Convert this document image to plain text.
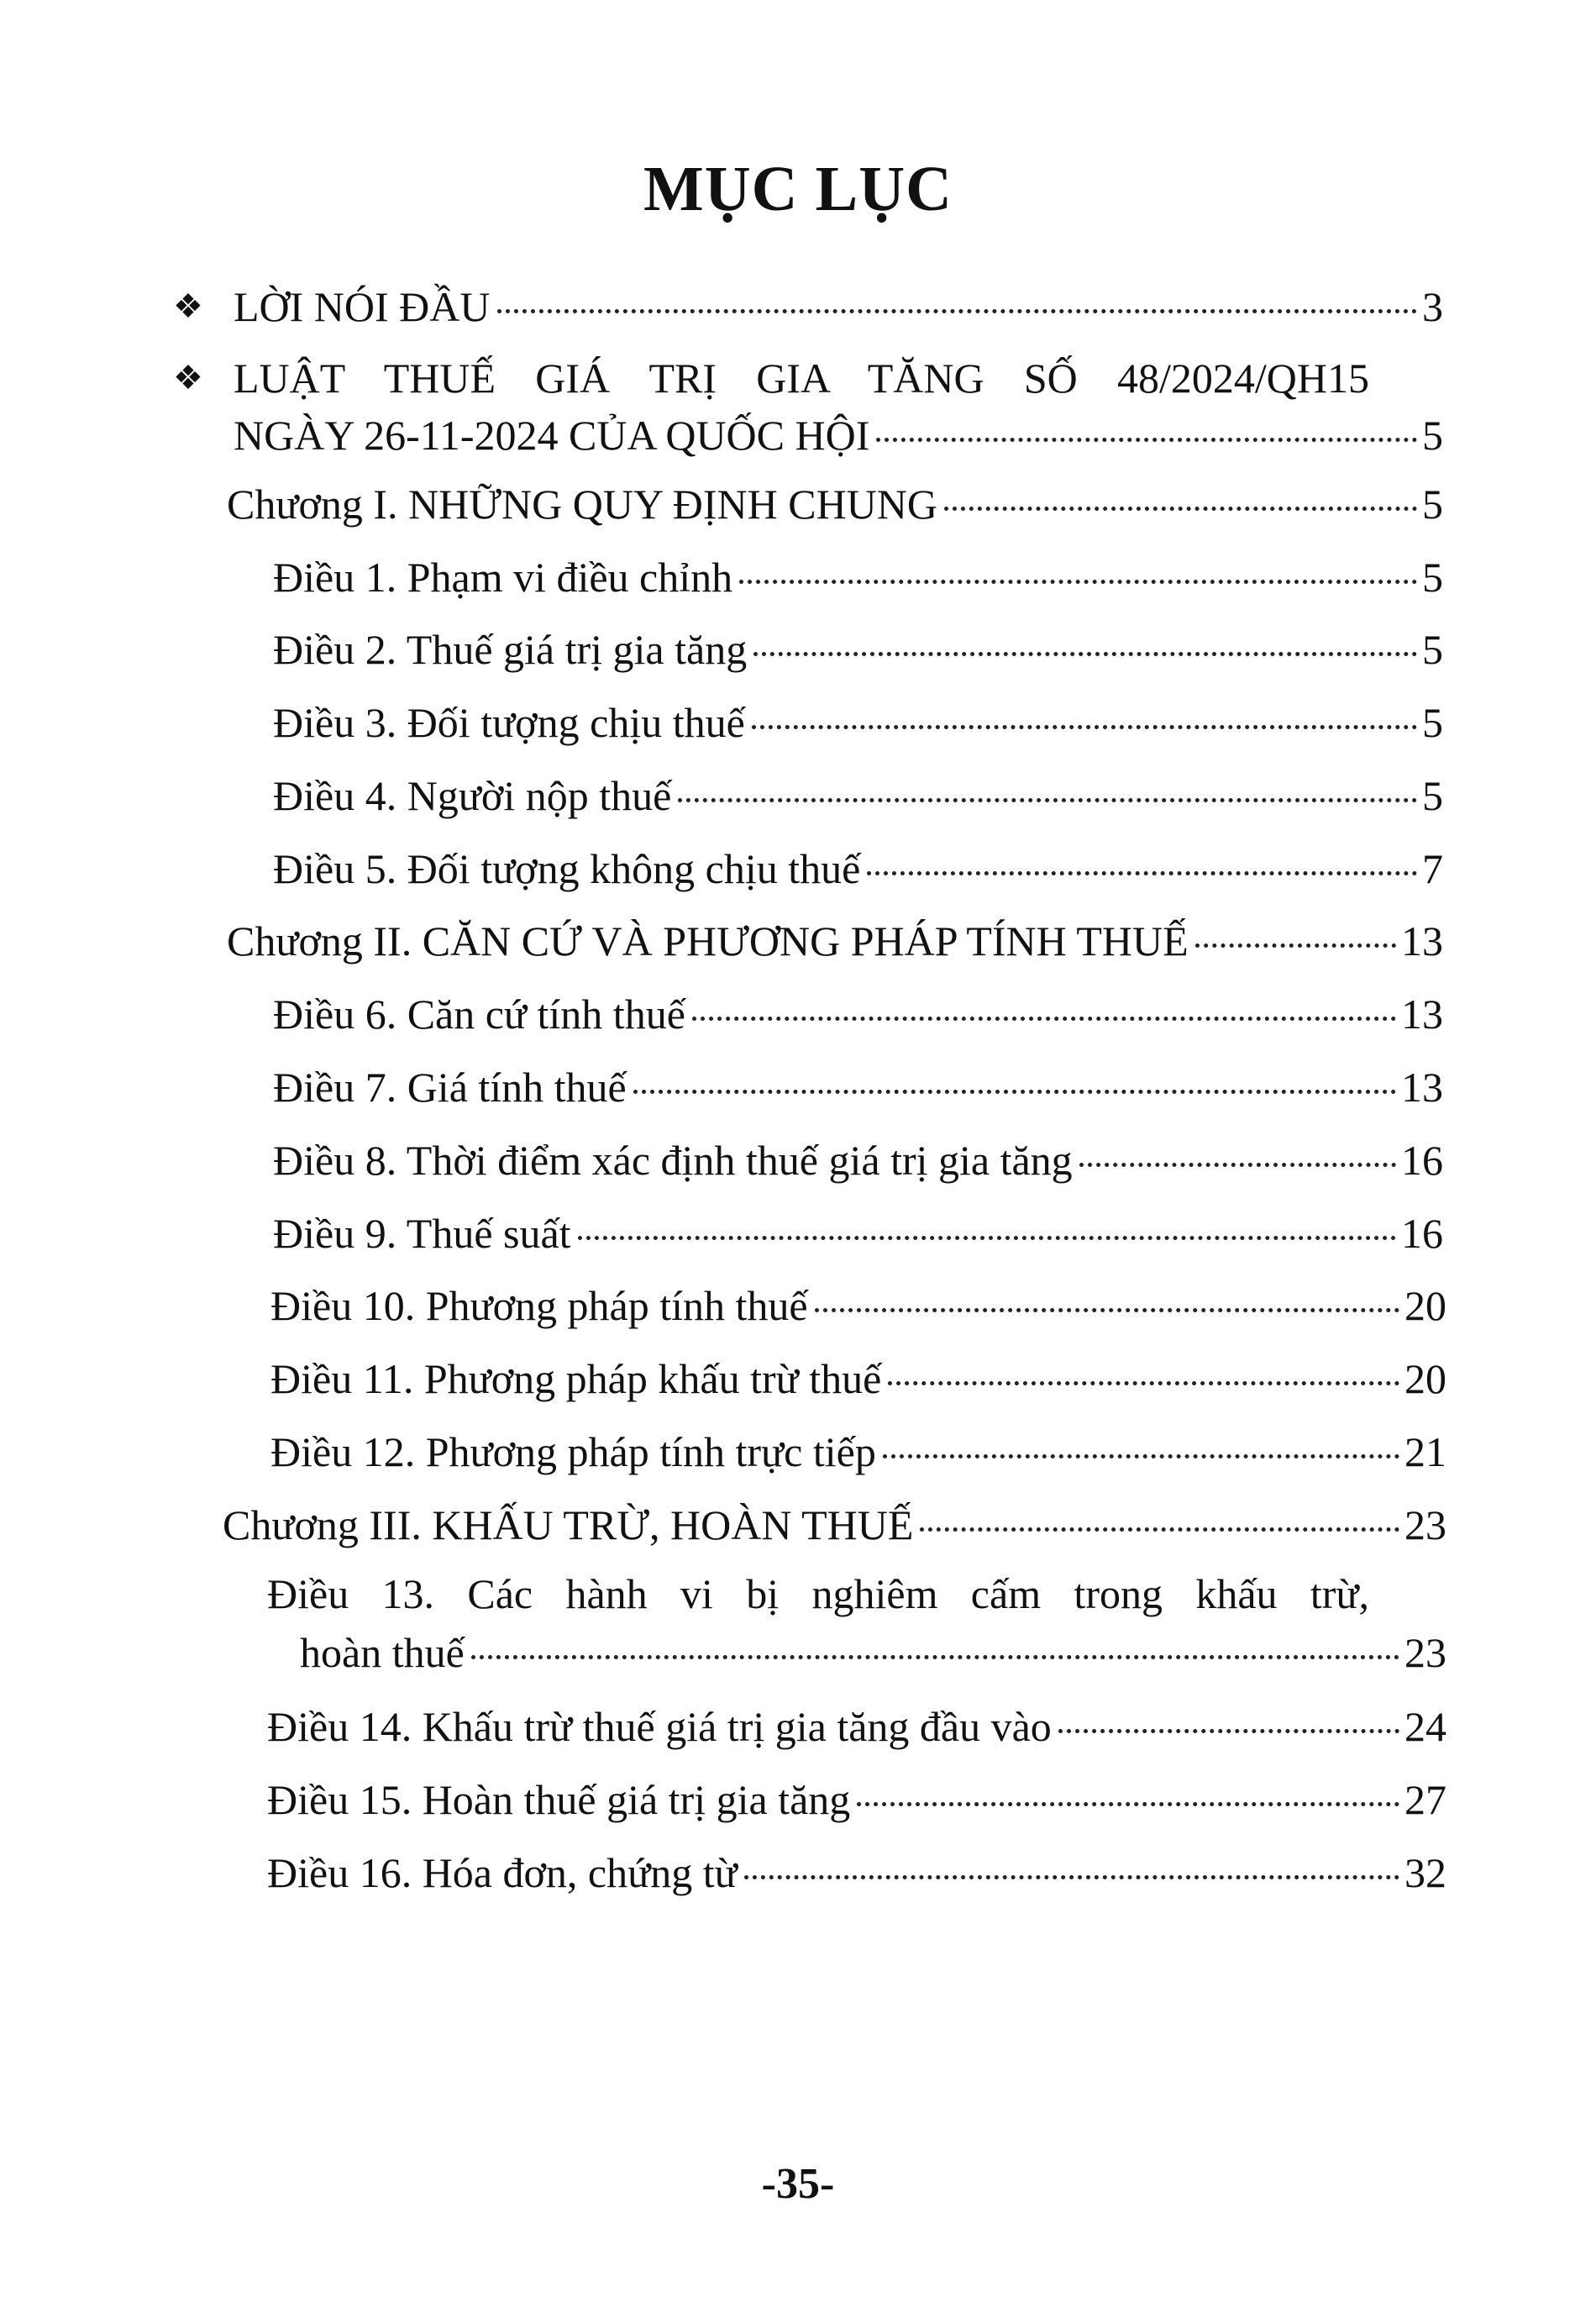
MỤC LỤC
❖ LỜI NÓI ĐẦU	3
❖ LUẬT THUẾ GIÁ TRỊ GIA TĂNG SỐ 48/2024/QH15
NGÀY 26-11-2024 CỦA QUỐC HỘI	5
Chương I. NHỮNG QUY ĐỊNH CHUNG	5
Điều 1. Phạm vi điều chỉnh	5
Điều 2. Thuế giá trị gia tăng	5
Điều 3. Đối tượng chịu thuế	5
Điều 4. Người nộp thuế	5
Điều 5. Đối tượng không chịu thuế	7
Chương II. CĂN CỨ VÀ PHƯƠNG PHÁP TÍNH THUẾ	13
Điều 6. Căn cứ tính thuế	13
Điều 7. Giá tính thuế	13
Điều 8. Thời điểm xác định thuế giá trị gia tăng	16
Điều 9. Thuế suất	16
Điều 10. Phương pháp tính thuế	20
Điều 11. Phương pháp khấu trừ thuế	20
Điều 12. Phương pháp tính trực tiếp	21
Chương III. KHẤU TRỪ, HOÀN THUẾ	23
Điều 13. Các hành vi bị nghiêm cấm trong khấu trừ,
hoàn thuế	23
Điều 14. Khấu trừ thuế giá trị gia tăng đầu vào	24
Điều 15. Hoàn thuế giá trị gia tăng	27
Điều 16. Hóa đơn, chứng từ	32
-35-
